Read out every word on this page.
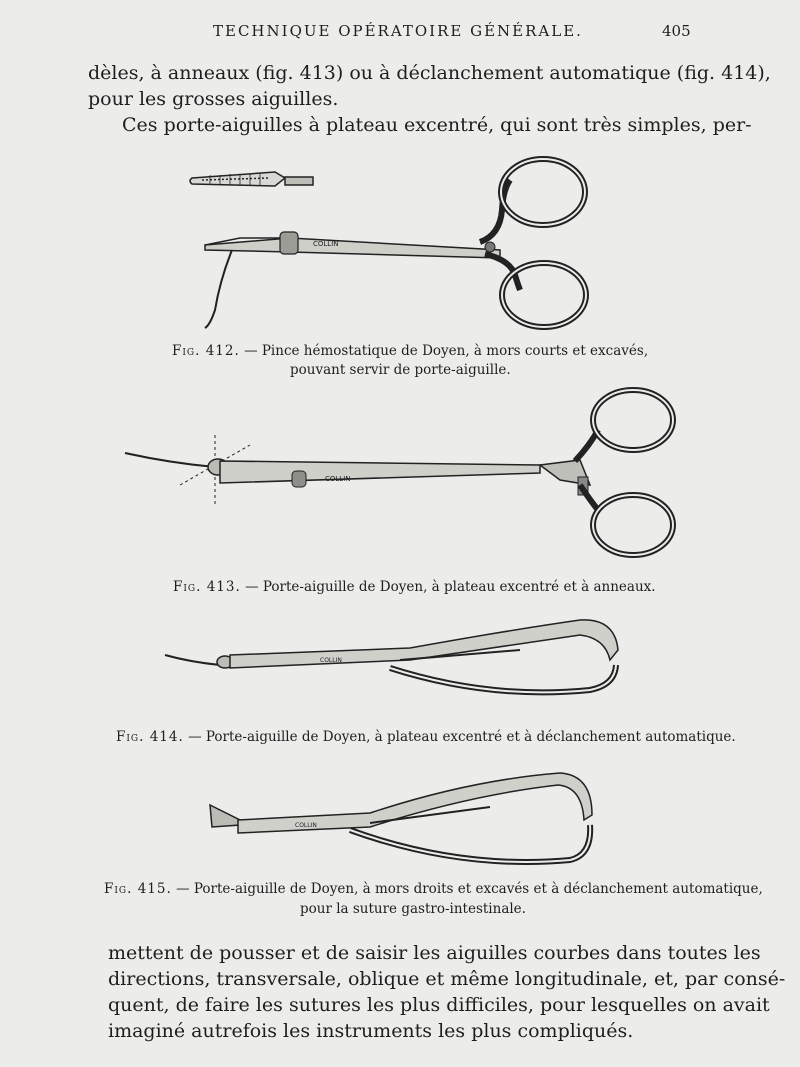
TECHNIQUE OPÉRATOIRE GÉNÉRALE.	405
dèles, à anneaux (fig. 413) ou à déclanchement automatique (fig. 414),
pour les grosses aiguilles.
Ces porte-aiguilles à plateau excentré, qui sont très simples, per-
COLLIN
Fig. 412. — Pince hémostatique de Doyen, à mors courts et excavés,
pouvant servir de porte-aiguille.
COLLIN
Fig. 413. — Porte-aiguille de Doyen, à plateau excentré et à anneaux.
COLLIN
Fig. 414. — Porte-aiguille de Doyen, à plateau excentré et à déclanchement automatique.
COLLIN
Fig. 415. — Porte-aiguille de Doyen, à mors droits et excavés et à déclanchement automatique,
pour la suture gastro-intestinale.
mettent de pousser et de saisir les aiguilles courbes dans toutes les
directions, transversale, oblique et même longitudinale, et, par consé-
quent, de faire les sutures les plus difficiles, pour lesquelles on avait
imaginé autrefois les instruments les plus compliqués.
